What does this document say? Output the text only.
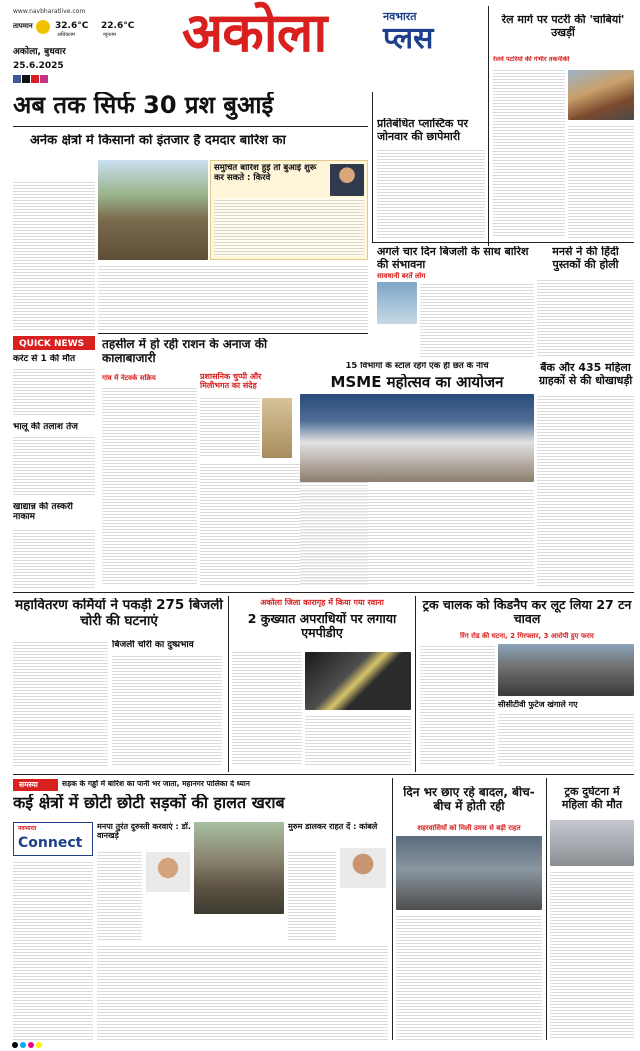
www.navbharatlive.com
तापमान 32.6°C
अधिकतम
22.6°C
न्यूनतम
अकोला, बुधवार
25.6.2025
अकोला	नवभारत
प्लस
रेल मार्ग पर पटरी की 'चाबियां' उखड़ीं
रेलवे पटरियों की गंभीर तकनीकी
अब तक सिर्फ 30 प्रश बुआई
अनेक क्षेत्रों में किसानों को इंतजार है दमदार बारिश का
समुचित बारिश हुई तो बुआई शुरू कर सकते : किरवे
प्रतिबंधित प्लास्टिक पर जोनवार की छापेमारी
मनसे ने की हिंदी पुस्तकों की होली
अगले चार दिन बिजली के साथ बारिश की संभावना
सावधानी बरतें लोग
QUICK NEWS
करंट से 1 की मौत
भालू की तलाश तेज
खाद्यान्न की तस्करी नाकाम
तहसील में हो रही राशन के अनाज की कालाबाजारी
गांव में नेटवर्क सक्रिय	प्रशासनिक चुप्पी और मिलीभगत का संदेह
15 विभागों के स्टॉल रहेंगे एक ही छत के नीचे
MSME महोत्सव का आयोजन
बैंक और 435 महिला ग्राहकों से की धोखाधड़ी
महावितरण कर्मियों ने पकड़ी 275 बिजली चोरी की घटनाएं
बिजली चोरी का दुष्प्रभाव
अकोला जिला कारागृह में किया गया रवाना
2 कुख्यात अपराधियों पर लगाया एमपीडीए
ट्रक चालक को किडनैप कर लूट लिया 27 टन चावल
रिंग रोड की घटना, 2 गिरफ्तार, 3 आरोपी हुए फरार
सीसीटीवी फुटेज खंगाले गए
समस्या	सड़क के गड्ढों में बारिश का पानी भर जाता, महानगर पालिका दे ध्यान
कई क्षेत्रों में छोटी छोटी सड़कों की हालत खराब
नवभारत
Connect
मनपा तुरंत दुरुस्ती करवाएं : डॉ. वानखड़े
मुरुम डालकर राहत दें : कांबले
दिन भर छाए रहे बादल, बीच-बीच में होती रही
शहरवासियों को मिली उमस से बड़ी राहत
ट्रक दुर्घटना में महिला की मौत
